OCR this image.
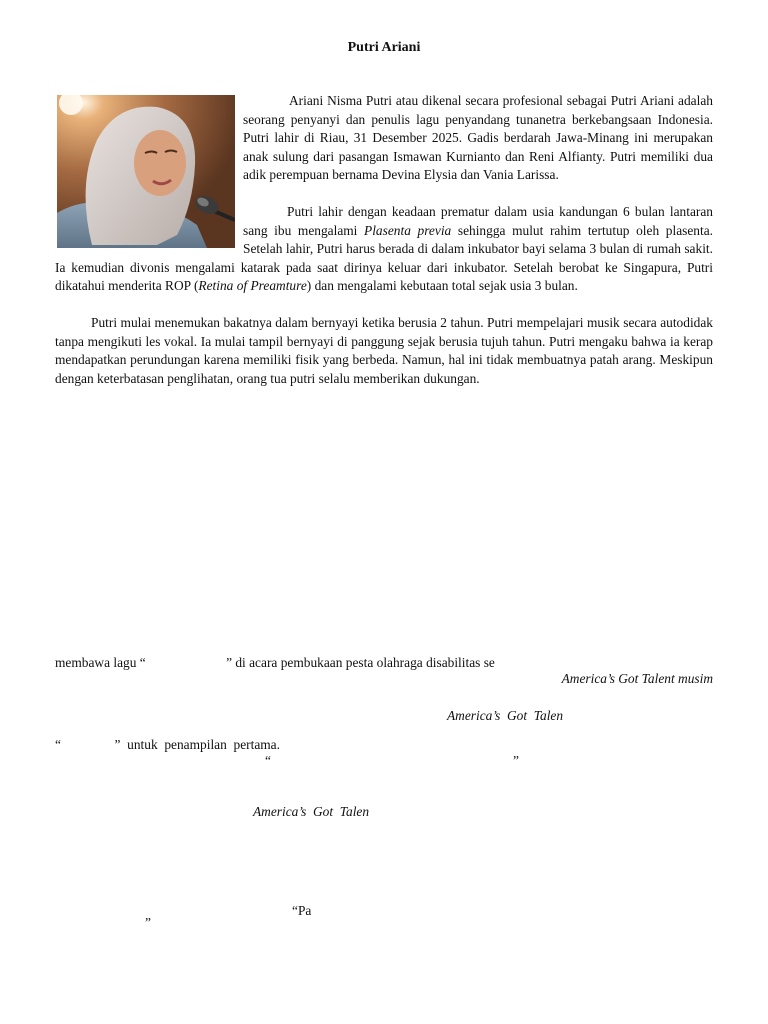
Putri Ariani

Ariani Nisma Putri atau dikenal secara profesional sebagai Putri Ariani adalah seorang penyanyi dan penulis lagu penyandang tunanetra berkebangsaan Indonesia. Putri lahir di Riau, 31 Desember 2025. Gadis berdarah Jawa-Minang ini merupakan anak sulung dari pasangan Ismawan Kurnianto dan Reni Alfianty. Putri memiliki dua adik perempuan bernama Devina Elysia dan Vania Larissa.

Putri lahir dengan keadaan prematur dalam usia kandungan 6 bulan lantaran sang ibu mengalami Plasenta previa sehingga mulut rahim tertutup oleh plasenta. Setelah lahir, Putri harus berada di dalam inkubator bayi selama 3 bulan di rumah sakit. Ia kemudian divonis mengalami katarak pada saat dirinya keluar dari inkubator. Setelah berobat ke Singapura, Putri dikatahui menderita ROP (Retina of Preamture) dan mengalami kebutaan total sejak usia 3 bulan.

Putri mulai menemukan bakatnya dalam bernyayi ketika berusia 2 tahun. Putri mempelajari musik secara autodidak tanpa mengikuti les vokal. Ia mulai tampil bernyayi di panggung sejak berusia tujuh tahun. Putri mengaku bahwa ia kerap mendapatkan perundungan karena memiliki fisik yang berbeda. Namun, hal ini tidak membuatnya patah arang. Meskipun dengan keterbatasan penglihatan, orang tua putri selalu memberikan dukungan.

membawa lagu “                        ” di acara pembukaan pesta olahraga disabilitas se
America’s Got Talent musim
America’s  Got  Talen
“                ”  untuk  penampilan  pertama.
“	”
America’s  Got  Talen
“Pa
”
